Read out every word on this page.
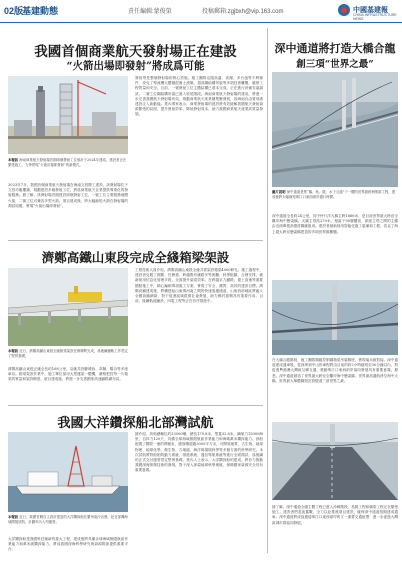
02版
基建動態	責任編輯:蒙俊榮	投稿郵箱:zgjbxh@vip.163.com	中國基建報
CHINA INFRASTRUCTURE NEWS
我國首個商業航天發射場正在建設
“火箭出場即發射”將成爲可能
本報訊 海南商業航天發射場首期兩個發射工位預計于2024年建成。建設者正在緊張施工，力爭實現“火箭出場即發射”的新模式。
2023年7月，我國首個商業航天發射場在海南文昌開工建設。該發射場位于文昌市龍樓鎮，規劃建設多個發射工位，將爲商業航天企業提供專業化的發射服務。據了解，該發射場首期建設兩個發射工位，一號工位主要服務液體火箭，二號工位可兼容多型火箭。項目建成後，將大幅縮短火箭在發射場的測試周期，實現“火箭出場即發射”。
發射塔是整個發射場的核心設施。施工團隊克服高溫、高濕、多台風等不利條件，攻克了導流槽大體積混凝土澆築、超高鋼結構吊裝等多項技術難題，確保工程質量和安全。目前，一號發射工位主體結構已基本完成，正在進行設備安裝調試；二號工位鋼結構吊裝已進入收尾階段。海南商業航天發射場的建成，將進一步完善我國航天發射場布局，推動商業航天產業鏈集聚發展，爲海南自由貿易港建設注入新動能。業內專家表示，商業發射場的建設將有效緩解我國航天發射資源緊張的局面，提升發射效率、降低發射成本，助力我國商業航天產業高質量發展。
深中通道將打造大橋合龍
創三項“世界之最”
圖片說明 深中通道是集“橋、島、隧、水下互通”于一體的世界級跨海集群工程，建成後將大幅縮短珠江口東西兩岸通行時間。
深中通道全長約24公里，其中伶仃洋大橋主跨1666米，是目前世界最大跨徑全離岸海中懸索橋。大橋主塔高270米，相當于90層樓高，兩座主塔之間的主纜由近兩萬根高強度鋼絲組成。建設者創新採用智能化施工裝備和工藝，攻克了海上超大跨徑懸索橋建造的多項世界級難題。
在大橋合龍階段，施工團隊精確控制鋼箱梁吊裝精度，實現毫米級對接。深中通道建成通車後，從深圳到中山的車程將由目前的約2小時縮短至30分鐘以內，對促進粵港澳大灣區互聯互通、推動珠江口東西兩岸協同發展具有重要意義。據悉，深中通道創造了世界最大跨徑全離岸海中懸索橋、世界最高通航淨空海中大橋、世界最大單體鋼殼沉管隧道三項世界之最。
據了解，深中通道全綫主體工程已進入沖刺階段，島隧工程和橋梁工程正在緊張施工。建設者們晝夜奮戰，全力以赴推進項目建設，確保深中通道按期建成通車。深中通道將成爲連接珠江口東西兩岸的又一重要交通紐帶，進一步促進大灣區城市群協同發展。
濟鄭高鐵山東段完成全綫箱梁架設
本報訊 近日，濟鄭高鐵山東段全綫箱梁架設任務順利完成，爲後續鋪軌工作奠定了堅實基礎。
濟鄭高鐵山東段正綫全長約168公里，沿綫共設聊城西、莘縣、陽谷等多座車站。箱梁架設作業中，施工單位採用大型運架一體機，嚴格把控每一片箱梁的質量和架設精度。項目建成後，將進一步完善國家高速鐵路網布局。
工程技術人員介紹，濟鄭高鐵山東段全綫共需架設箱梁4000餘孔。施工過程中，建設者克服工期緊、任務重、跨越既有綫路多等困難，科學組織、合理安排，創新採用信息化管理手段，全面提升架梁效率。在跨越京九鐵路、德上高速等重要節點施工中，精心編制專項施工方案，實現了安全、優質、高效的建設目標。濟鄭高鐵建成後，將構建起山東與河南之間的快速客運通道，山東西部地區將融入全國高鐵網絡，對于促進區域經濟社會發展、助力鄉村振興具有重要作用。目前，後續軌道鋪設、四電工程等正在有序推進中。
我國大洋鑽探船北部灣試航
本報訊 近日，我國首艘自主設計建造的大洋鑽探船在廣州南沙出發，赴北部灣海域開展試航，計劃年內入列運營。
大洋鑽探船是我國科技創新的重大工程，建成後將具備全球海域無限航區作業能力和萬米級鑽探能力，將爲我國深海科學研究與資源勘探提供重要平台。
據介紹，該船總噸位約33000噸，總長179.8米，型寬32.8米，續航力15000海里，自持力120天，具備全球海域無限航區作業能力和海域萬米鑽探能力。該船配置了國際一流的實驗室，總面積超過3000平方米，可開展地質、古生物、地球物理、地球化學、微生物、古地磁、海洋與環境科學等多個方面的科學研究。本次試航將對船舶的動力系統、推進系統、通信導航系統等進行全面測試，爲後續的正式交付運營奠定堅實基礎。業內人士表示，大洋鑽探船的建成，將有力推動我國深海探測技術的發展，對于深入探索地球科學奧秘、保障國家資源安全具有重要意義。
